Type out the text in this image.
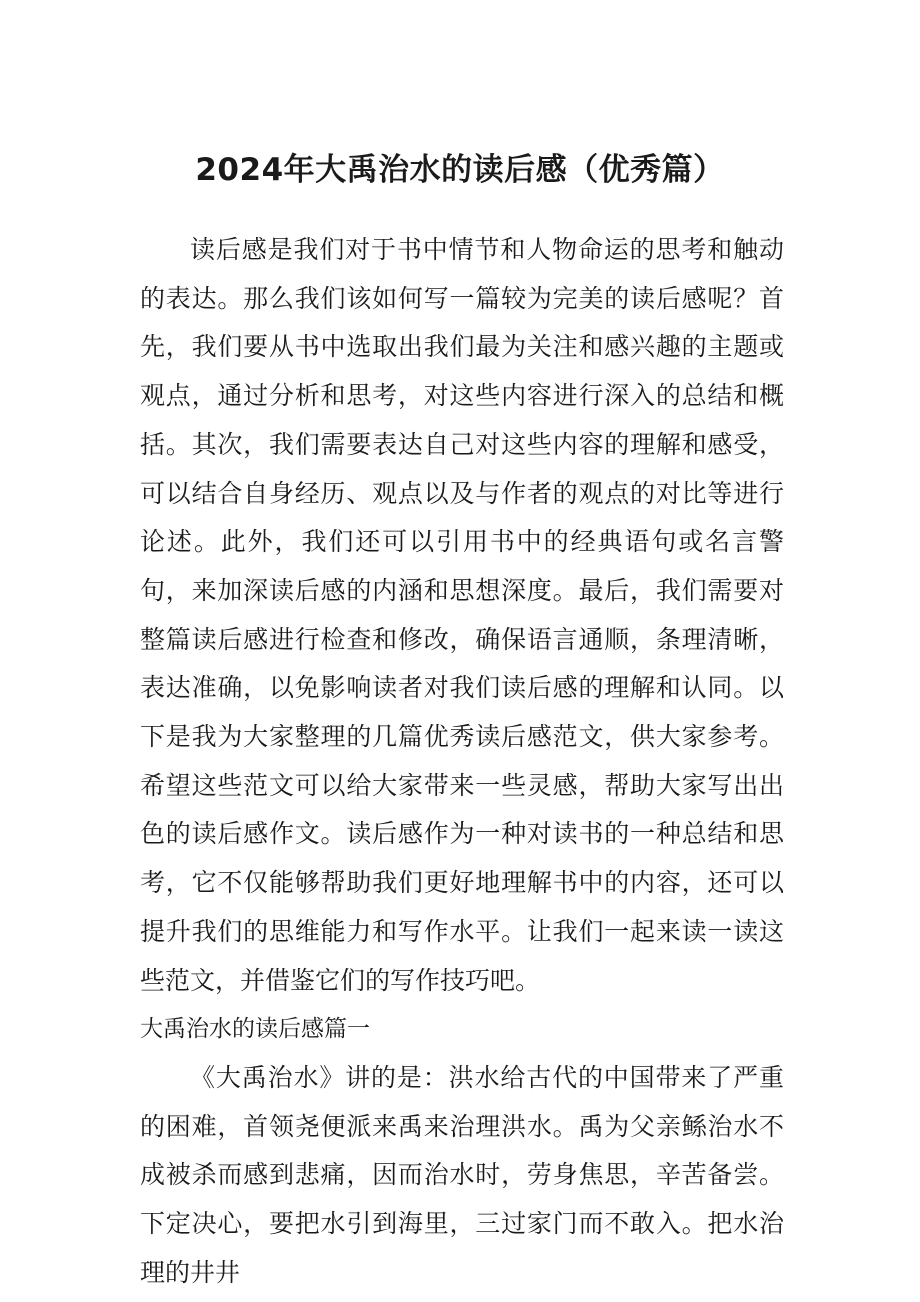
2024年大禹治水的读后感（优秀篇）

读后感是我们对于书中情节和人物命运的思考和触动的表达。那么我们该如何写一篇较为完美的读后感呢？首先，我们要从书中选取出我们最为关注和感兴趣的主题或观点，通过分析和思考，对这些内容进行深入的总结和概括。其次，我们需要表达自己对这些内容的理解和感受，可以结合自身经历、观点以及与作者的观点的对比等进行论述。此外，我们还可以引用书中的经典语句或名言警句，来加深读后感的内涵和思想深度。最后，我们需要对整篇读后感进行检查和修改，确保语言通顺，条理清晰，表达准确，以免影响读者对我们读后感的理解和认同。以下是我为大家整理的几篇优秀读后感范文，供大家参考。希望这些范文可以给大家带来一些灵感，帮助大家写出出色的读后感作文。读后感作为一种对读书的一种总结和思考，它不仅能够帮助我们更好地理解书中的内容，还可以提升我们的思维能力和写作水平。让我们一起来读一读这些范文，并借鉴它们的写作技巧吧。

大禹治水的读后感篇一

《大禹治水》讲的是：洪水给古代的中国带来了严重的困难，首领尧便派来禹来治理洪水。禹为父亲鲧治水不成被杀而感到悲痛，因而治水时，劳身焦思，辛苦备尝。下定决心，要把水引到海里，三过家门而不敢入。把水治理的井井
